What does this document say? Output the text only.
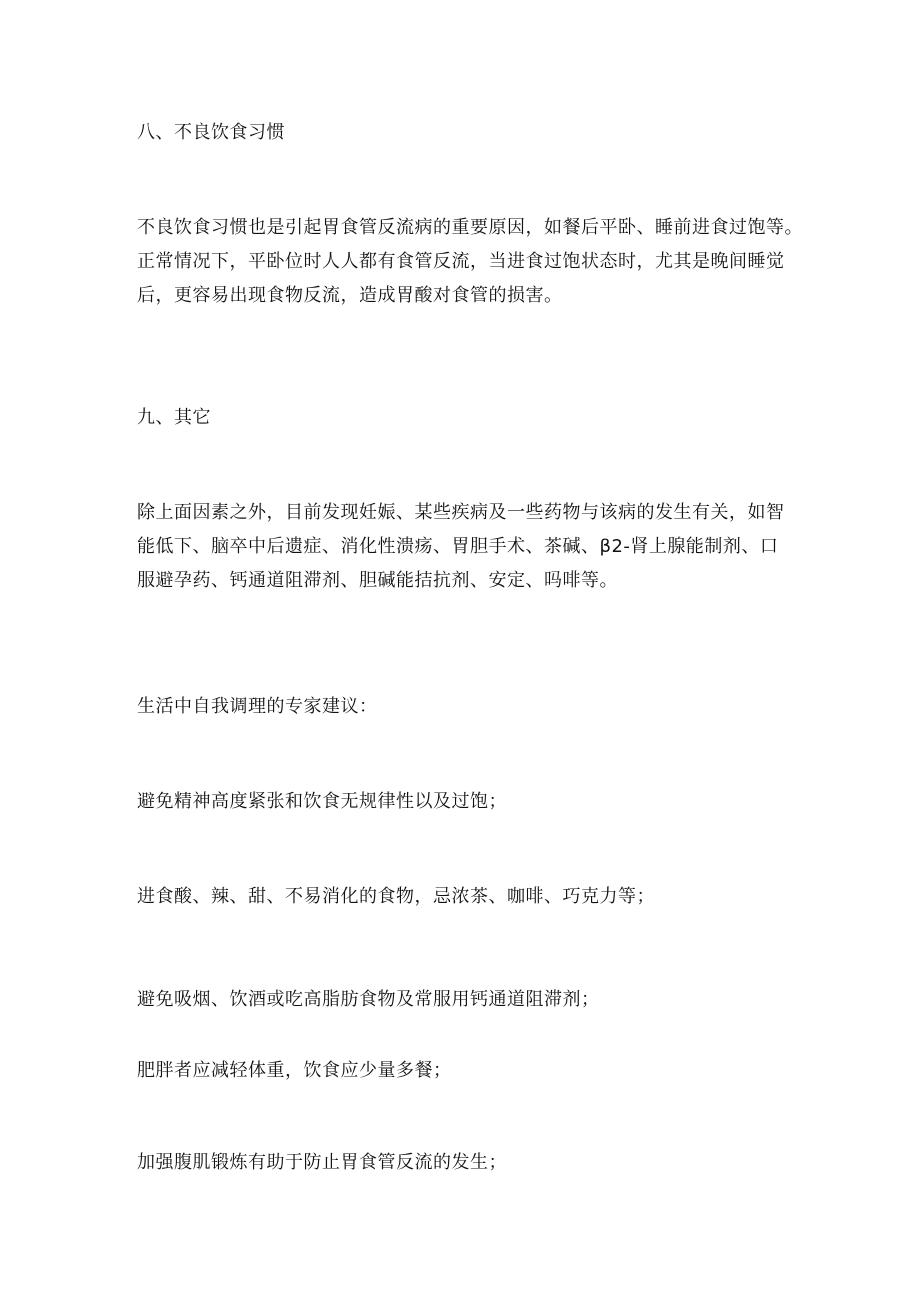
八、不良饮食习惯

不良饮食习惯也是引起胃食管反流病的重要原因，如餐后平卧、睡前进食过饱等。

正常情况下，平卧位时人人都有食管反流，当进食过饱状态时，尤其是晚间睡觉

后，更容易出现食物反流，造成胃酸对食管的损害。

九、其它

除上面因素之外，目前发现妊娠、某些疾病及一些药物与该病的发生有关，如智

能低下、脑卒中后遗症、消化性溃疡、胃胆手术、茶碱、β2-肾上腺能制剂、口

服避孕药、钙通道阻滞剂、胆碱能拮抗剂、安定、吗啡等。

生活中自我调理的专家建议：
避免精神高度紧张和饮食无规律性以及过饱；
进食酸、辣、甜、不易消化的食物，忌浓茶、咖啡、巧克力等；
避免吸烟、饮酒或吃高脂肪食物及常服用钙通道阻滞剂；
肥胖者应减轻体重，饮食应少量多餐；
加强腹肌锻炼有助于防止胃食管反流的发生；
